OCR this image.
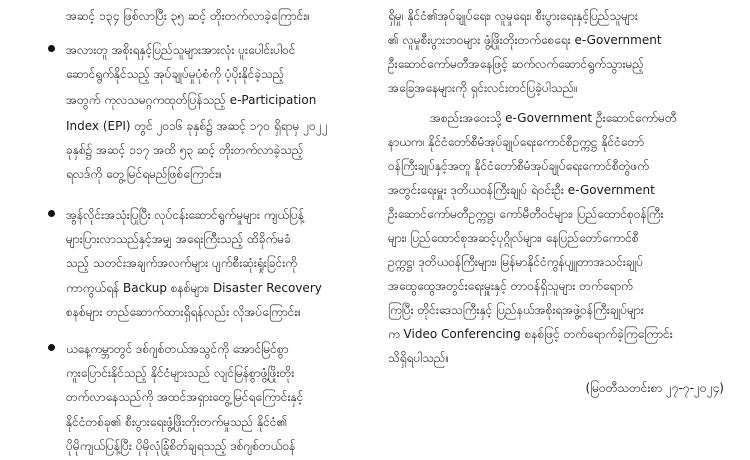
အဆင့် ၁၃၄ ဖြစ်လာပြီး ၃၅ ဆင့် တိုးတက်လာခဲ့ကြောင်း။
အလားတူ အစိုးရနှင့်ပြည်သူများအားလုံး ပူးပေါင်းပါဝင်
ဆောင်ရွက်နိုင်သည့် အုပ်ချုပ်မှုပုံစံကို ပံ့ပိုးနိုင်ခဲ့သည့်
အတွက် ကုလသမဂ္ဂကထုတ်ပြန်သည့် e-Participation
Index (EPI) တွင် ၂၀၁၆ ခုနှစ်၌ အဆင့် ၁၇၀ ရှိရာမှ ၂၀၂၂
ခုနှစ်၌ အဆင့် ၁၁၇ အထိ ၅၃ ဆင့် တိုးတက်လာခဲ့သည့်
ရလဒ်ကို တွေ့မြင်ရမည်ဖြစ်ကြောင်း။
အွန်လိုင်းအသုံးပြုပြီး လုပ်ငန်းဆောင်ရွက်မှုများ ကျယ်ပြန့်
များပြားလာသည်နှင့်အမျှ အရေးကြီးသည့် ထိခိုက်မခံ
သည့် သတင်းအချက်အလက်များ ပျက်စီးဆုံးရှုံးခြင်းကို
ကာကွယ်ရန် Backup စနစ်များ၊ Disaster Recovery
စနစ်များ တည်ဆောက်ထားရှိရန်လည်း လိုအပ်ကြောင်း။
ယနေ့ကမ္ဘာတွင် ဒစ်ဂျစ်တယ်အသွင်ကို အောင်မြင်စွာ
ကူးပြောင်းနိုင်သည့် နိုင်ငံများသည် လျင်မြန်စွာဖွံ့ဖြိုးတိုး
တက်လာနေသည်ကို အထင်အရှားတွေ့မြင်ရကြောင်းနှင့်
နိုင်ငံတစ်ခု၏ စီးပွားရေးဖွံ့ဖြိုးတိုးတက်မှုသည် နိုင်ငံ၏
ပိုမိုကျယ်ပြန့်ပြီး ပိုမိုလုံခြုံစိတ်ချရသည့် ဒစ်ဂျစ်တယ်ဝန်
ရှိမှု၊ နိုင်ငံ၏အုပ်ချုပ်ရေး၊ လူမှုရေး၊ စီးပွားရေးနှင့်ပြည်သူများ
၏ လူမှုစီးပွားဘဝများ ဖွံ့ဖြိုးတိုးတက်စေရေး e-Government
ဦးဆောင်ကော်မတီအနေဖြင့် ဆက်လက်ဆောင်ရွက်သွားမည့်
အခြေအနေများကို ရှင်းလင်းတင်ပြခဲ့ပါသည်။
အစည်းအဝေးသို့ e-Government ဦးဆောင်ကော်မတီ
နာယက၊ နိုင်ငံတော်စီမံအုပ်ချုပ်ရေးကောင်စီဥက္ကဋ္ဌ နိုင်ငံတော်
ဝန်ကြီးချုပ်နှင့်အတူ နိုင်ငံတော်စီမံအုပ်ချုပ်ရေးကောင်စီတွဲဖက်
အတွင်းရေးမှူး ဒုတိယဝန်ကြီးချုပ် ရဲဝင်းဦး e-Government
ဦးဆောင်ကော်မတီဥက္ကဋ္ဌ၊ ကော်မီတီဝင်များ၊ ပြည်ထောင်စုဝန်ကြီး
များ၊ ပြည်ထောင်စုအဆင့်ပုဂ္ဂိုလ်များ၊ နေပြည်တော်ကောင်စီ
ဥက္ကဋ္ဌ၊ ဒုတိယဝန်ကြီးများ၊ မြန်မာနိုင်ငံကွန်ပျူတာအသင်းချုပ်
အထွေထွေအတွင်းရေးမှူးနှင့် တာဝန်ရှိသူများ တက်ရောက်
ကြပြီး တိုင်းဒေသကြီးနှင့် ပြည်နယ်အစိုးရအဖွဲ့ဝန်ကြီးချုပ်များ
က Video Conferencing စနစ်ဖြင့် တက်ရောက်ခဲ့ကြကြောင်း
သိရှိရပါသည်။
(မြဝတီသတင်းစာ ၂၇-၇-၂၀၂၄)
